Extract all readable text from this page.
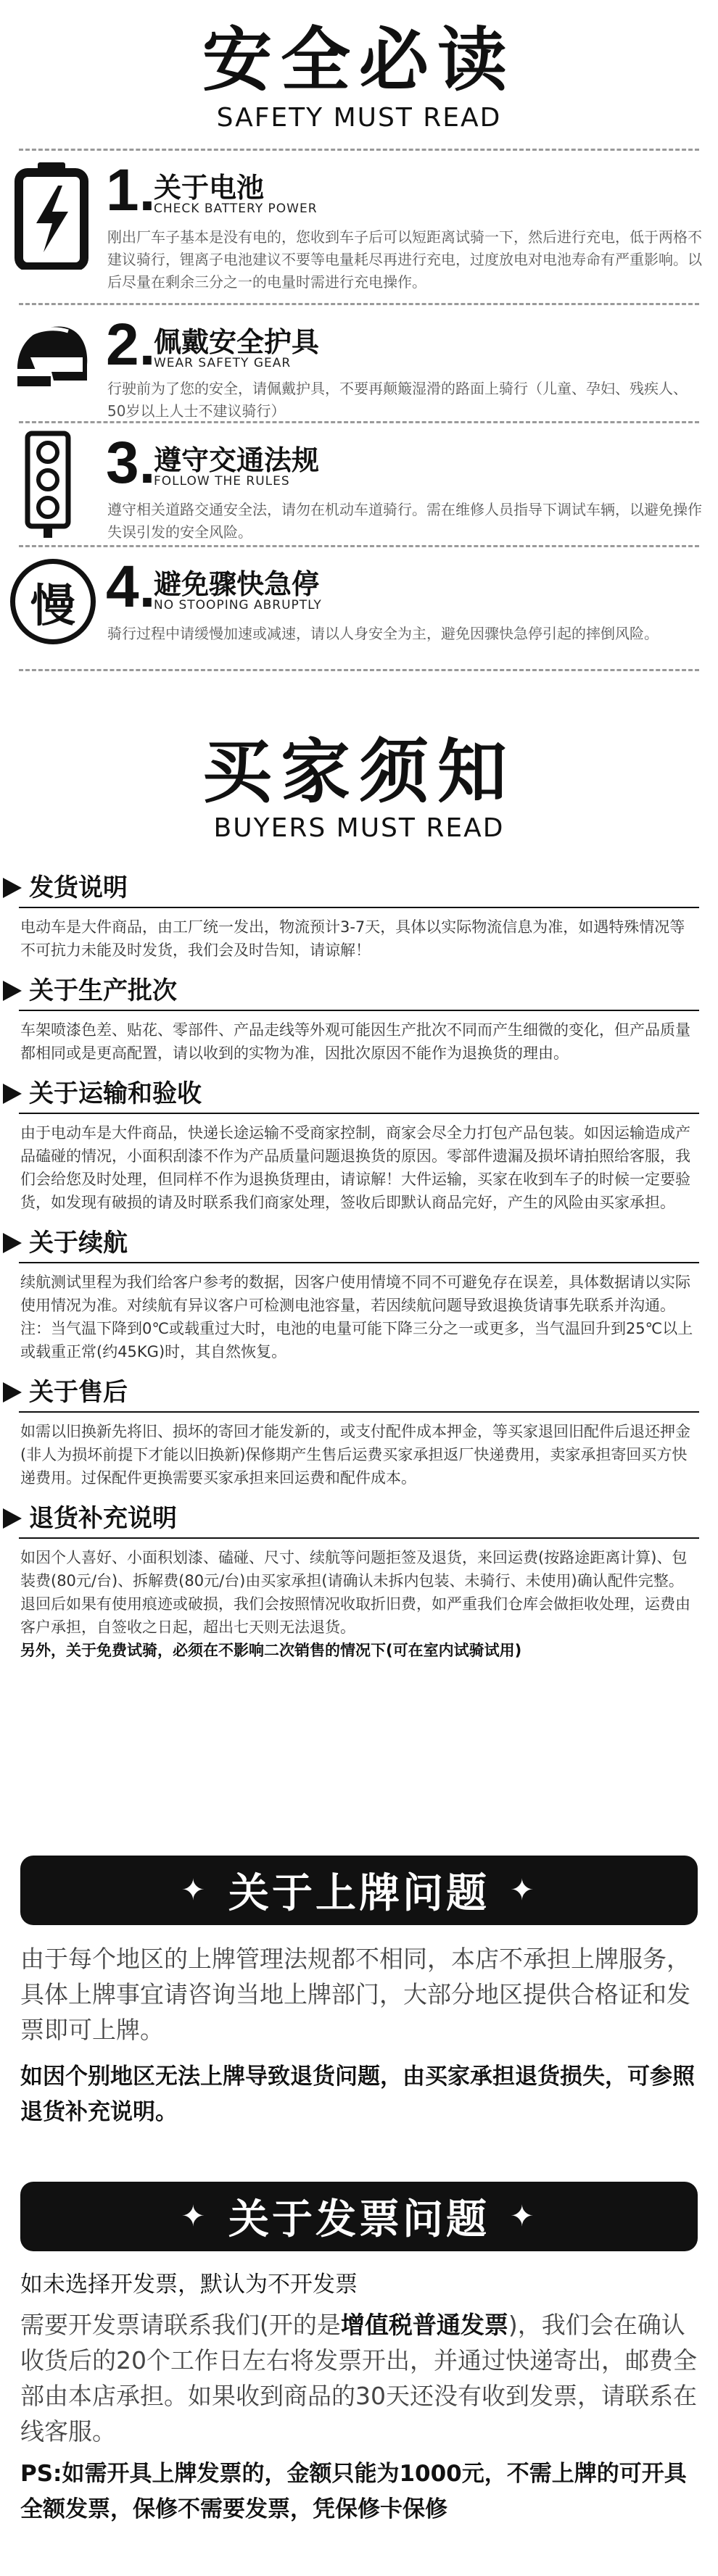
安全必读
SAFETY MUST READ
1.
关于电池
CHECK BATTERY POWER
刚出厂车子基本是没有电的，您收到车子后可以短距离试骑一下，然后进行充电，低于两格不建议骑行，锂离子电池建议不要等电量耗尽再进行充电，过度放电对电池寿命有严重影响。以后尽量在剩余三分之一的电量时需进行充电操作。
2.
佩戴安全护具
WEAR SAFETY GEAR
行驶前为了您的安全，请佩戴护具，不要再颠簸湿滑的路面上骑行（儿童、孕妇、残疾人、50岁以上人士不建议骑行）
3.
遵守交通法规
FOLLOW THE RULES
遵守相关道路交通安全法，请勿在机动车道骑行。需在维修人员指导下调试车辆，以避免操作失误引发的安全风险。
慢 4.
避免骤快急停
NO STOOPING ABRUPTLY
骑行过程中请缓慢加速或减速，请以人身安全为主，避免因骤快急停引起的摔倒风险。
买家须知
BUYERS MUST READ
发货说明
电动车是大件商品，由工厂统一发出，物流预计3-7天，具体以实际物流信息为准，如遇特殊情况等不可抗力未能及时发货，我们会及时告知，请谅解！
关于生产批次
车架喷漆色差、贴花、零部件、产品走线等外观可能因生产批次不同而产生细微的变化，但产品质量都相同或是更高配置，请以收到的实物为准，因批次原因不能作为退换货的理由。
关于运输和验收
由于电动车是大件商品，快递长途运输不受商家控制，商家会尽全力打包产品包装。如因运输造成产品磕碰的情况，小面积刮漆不作为产品质量问题退换货的原因。零部件遗漏及损坏请拍照给客服，我们会给您及时处理，但同样不作为退换货理由，请谅解！大件运输，买家在收到车子的时候一定要验货，如发现有破损的请及时联系我们商家处理，签收后即默认商品完好，产生的风险由买家承担。
关于续航
续航测试里程为我们给客户参考的数据，因客户使用情境不同不可避免存在误差，具体数据请以实际使用情况为准。对续航有异议客户可检测电池容量，若因续航问题导致退换货请事先联系并沟通。
注：当气温下降到0℃或载重过大时，电池的电量可能下降三分之一或更多，当气温回升到25℃以上或载重正常(约45KG)时，其自然恢复。
关于售后
如需以旧换新先将旧、损坏的寄回才能发新的，或支付配件成本押金，等买家退回旧配件后退还押金(非人为损坏前提下才能以旧换新)保修期产生售后运费买家承担返厂快递费用，卖家承担寄回买方快递费用。过保配件更换需要买家承担来回运费和配件成本。
退货补充说明
如因个人喜好、小面积划漆、磕碰、尺寸、续航等问题拒签及退货，来回运费(按路途距离计算)、包装费(80元/台)、拆解费(80元/台)由买家承担(请确认未拆内包装、未骑行、未使用)确认配件完整。退回后如果有使用痕迹或破损，我们会按照情况收取折旧费，如严重我们仓库会做拒收处理，运费由客户承担，自签收之日起，超出七天则无法退货。
另外，关于免费试骑，必须在不影响二次销售的情况下(可在室内试骑试用)
✦ 关于上牌问题 ✦
由于每个地区的上牌管理法规都不相同，本店不承担上牌服务，具体上牌事宜请咨询当地上牌部门，大部分地区提供合格证和发票即可上牌。
如因个别地区无法上牌导致退货问题，由买家承担退货损失，可参照退货补充说明。
✦ 关于发票问题 ✦
如未选择开发票，默认为不开发票
需要开发票请联系我们(开的是增值税普通发票)，我们会在确认收货后的20个工作日左右将发票开出，并通过快递寄出，邮费全部由本店承担。如果收到商品的30天还没有收到发票，请联系在线客服。
PS:如需开具上牌发票的，金额只能为1000元，不需上牌的可开具全额发票，保修不需要发票，凭保修卡保修
